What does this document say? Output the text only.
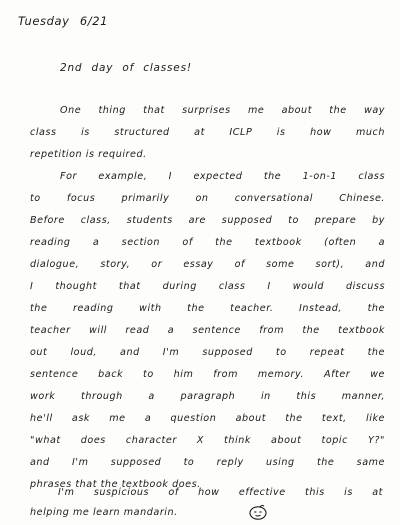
Tuesday 6/21
2nd day of classes!
One thing that surprises me about the way
class is structured at ICLP is how much
repetition is required.
For example, I expected the 1-on-1 class
to focus primarily on conversational Chinese.
Before class, students are supposed to prepare by
reading a section of the textbook (often a
dialogue, story, or essay of some sort), and
I thought that during class I would discuss
the reading with the teacher. Instead, the
teacher will read a sentence from the textbook
out loud, and I'm supposed to repeat the
sentence back to him from memory. After we
work through a paragraph in this manner,
he'll ask me a question about the text, like
"what does character X think about topic Y?"
and I'm supposed to reply using the same
phrases that the textbook does.
I'm suspicious of how effective this is at
helping me learn mandarin.
